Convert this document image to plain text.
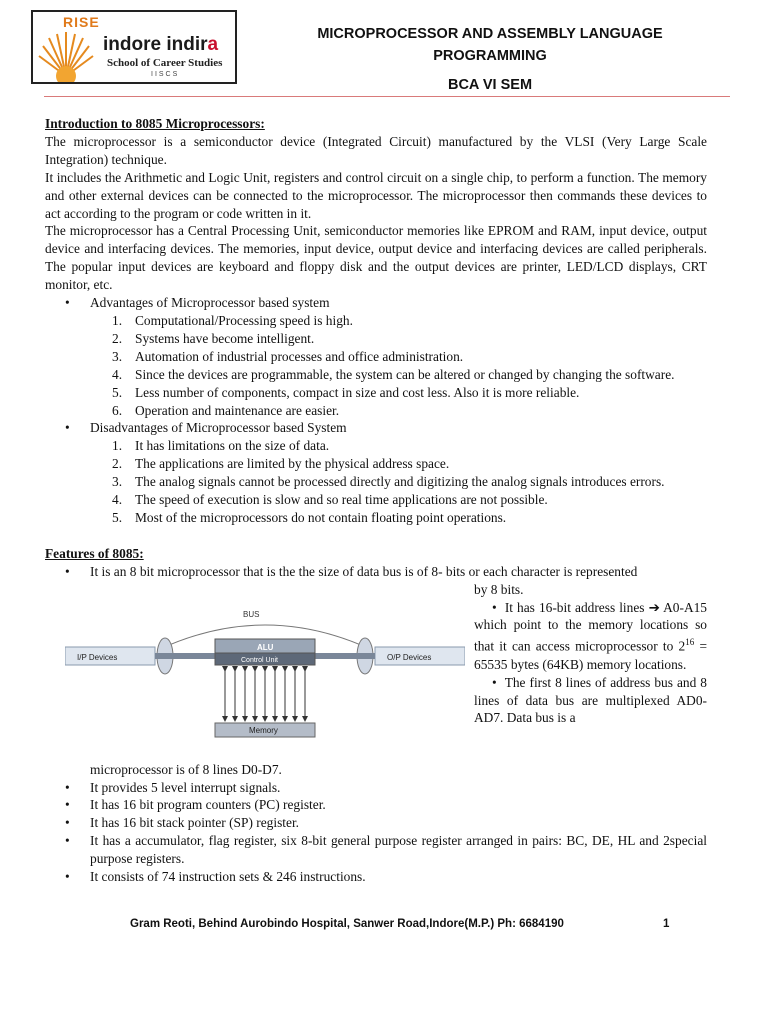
RISE
indore indira
School of Career Studies
IISCS
MICROPROCESSOR AND ASSEMBLY LANGUAGE
PROGRAMMING
BCA VI SEM
Introduction to 8085 Microprocessors:
The microprocessor is a semiconductor device (Integrated Circuit) manufactured by the VLSI (Very Large Scale Integration) technique.
It includes the Arithmetic and Logic Unit, registers and control circuit on a single chip, to perform a function. The memory and other external devices can be connected to the microprocessor. The microprocessor then commands these devices to act according to the program or code written in it.
The microprocessor has a Central Processing Unit, semiconductor memories like EPROM and RAM, input device, output device and interfacing devices. The memories, input device, output device and interfacing devices are called peripherals. The popular input devices are keyboard and floppy disk and the output devices are printer, LED/LCD displays, CRT monitor, etc.
• Advantages of Microprocessor based system
1. Computational/Processing speed is high.
2. Systems have become intelligent.
3. Automation of industrial processes and office administration.
4. Since the devices are programmable, the system can be altered or changed by changing the software.
5. Less number of components, compact in size and cost less. Also it is more reliable.
6. Operation and maintenance are easier.
• Disadvantages of Microprocessor based System
1. It has limitations on the size of data.
2. The applications are limited by the physical address space.
3. The analog signals cannot be processed directly and digitizing the analog signals introduces errors.
4. The speed of execution is slow and so real time applications are not possible.
5. Most of the microprocessors do not contain floating point operations.
Features of 8085:
• It is an 8 bit microprocessor that is the the size of data bus is of 8- bits or each character is represented
BUS
I/P Devices	O/P Devices
ALU
Control Unit
Memory
by 8 bits.
•  It has 16-bit address lines ➔ A0-A15 which point to the memory locations so that it can access microprocessor to $2^{16} = 65535$ bytes (64KB) memory locations.
•  The first 8 lines of address bus and 8 lines of data bus are multiplexed AD0-AD7. Data bus is a
microprocessor is of 8 lines D0-D7.
• It provides 5 level interrupt signals.
• It has 16 bit program counters (PC) register.
• It has 16 bit stack pointer (SP) register.
• It has a accumulator, flag register, six 8-bit general purpose register arranged in pairs: BC, DE, HL and 2special purpose registers.
• It consists of 74 instruction sets & 246 instructions.
Gram Reoti, Behind Aurobindo Hospital, Sanwer Road,Indore(M.P.) Ph: 6684190	1
